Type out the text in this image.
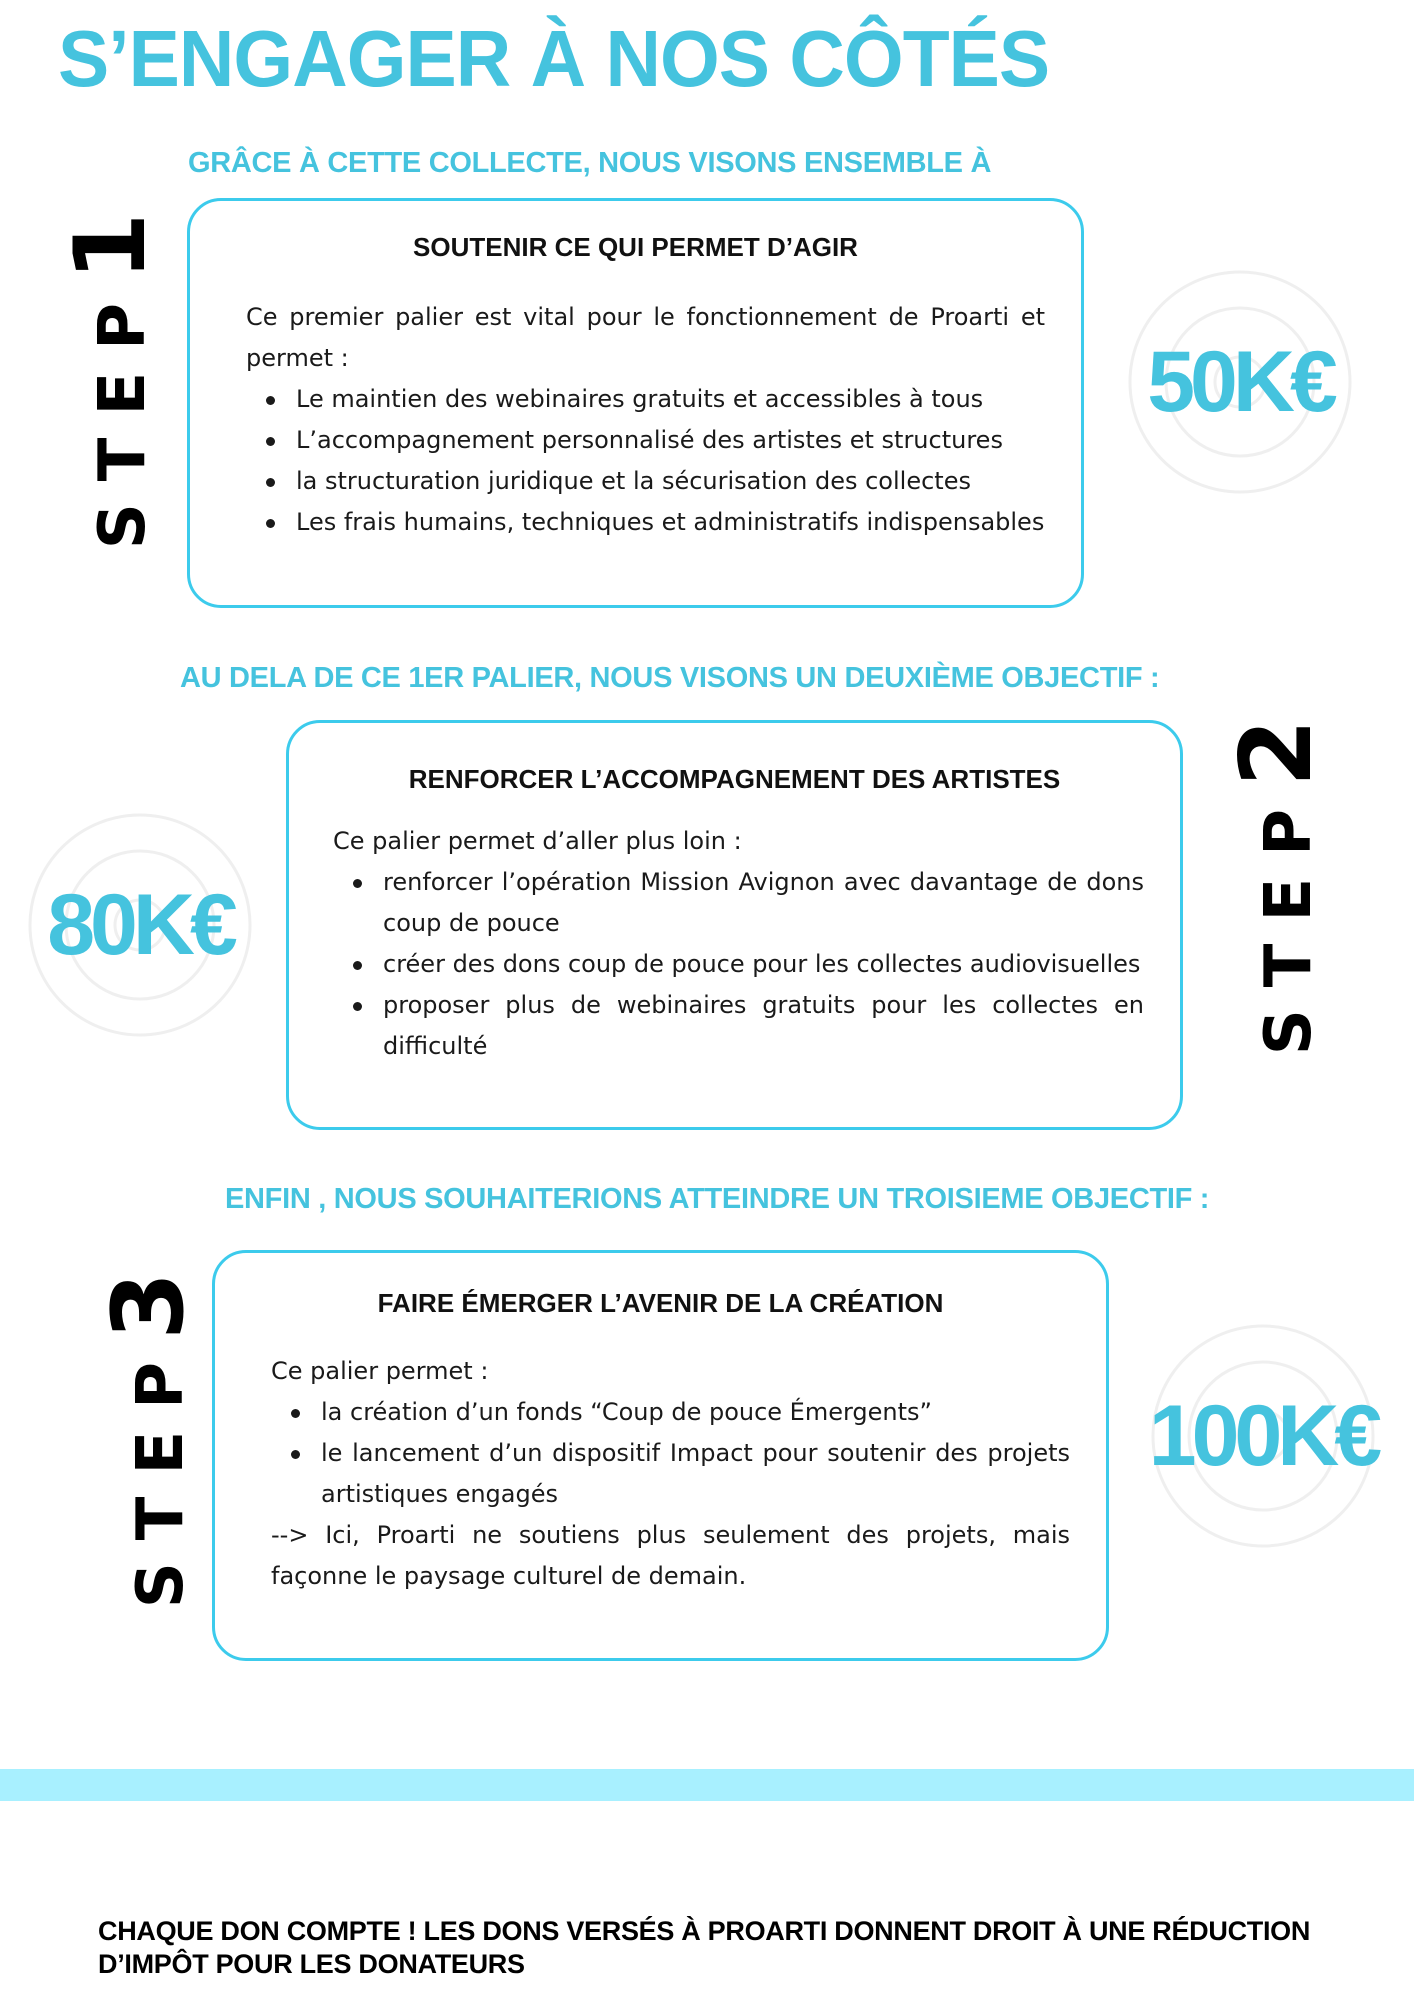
S’ENGAGER À NOS CÔTÉS
GRÂCE À CETTE COLLECTE, NOUS VISONS ENSEMBLE À
STEP
1	SOUTENIR CE QUI PERMET D’AGIR

Ce premier palier est vital pour le fonctionnement de Proarti et permet :

Le maintien des webinaires gratuits et accessibles à tous
L’accompagnement personnalisé des artistes et structures
la structuration juridique et la sécurisation des collectes
Les frais humains, techniques et administratifs indispensables
50K€
AU DELA DE CE 1ER PALIER, NOUS VISONS UN DEUXIÈME OBJECTIF :
RENFORCER L’ACCOMPAGNEMENT DES ARTISTES

Ce palier permet d’aller plus loin :

renforcer l’opération Mission Avignon avec davantage de dons coup de pouce
créer des dons coup de pouce pour les collectes audiovisuelles
proposer plus de webinaires gratuits pour les collectes en difficulté
80K€	STEP
2
ENFIN , NOUS SOUHAITERIONS ATTEINDRE UN TROISIEME OBJECTIF :
STEP
3	FAIRE ÉMERGER L’AVENIR DE LA CRÉATION

Ce palier permet :

la création d’un fonds “Coup de pouce Émergents”
le lancement d’un dispositif Impact pour soutenir des projets artistiques engagés

--> Ici, Proarti ne soutiens plus seulement des projets, mais façonne le paysage culturel de demain.

100K€
CHAQUE DON COMPTE ! LES DONS VERSÉS À PROARTI DONNENT DROIT À UNE RÉDUCTION D’IMPÔT POUR LES DONATEURS
